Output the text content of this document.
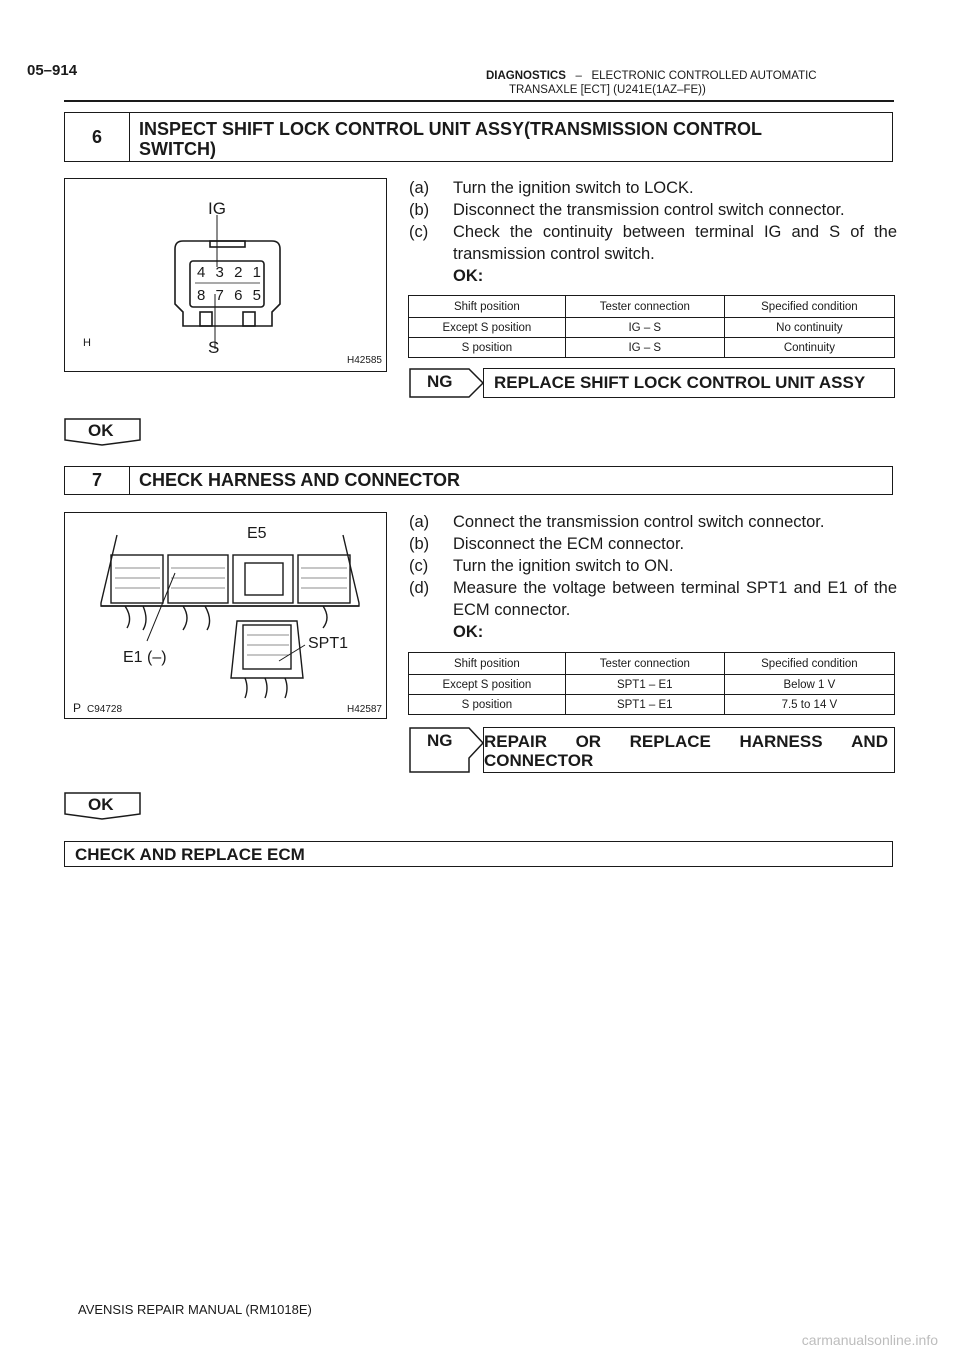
05–914	DIAGNOSTICS – ELECTRONIC CONTROLLED AUTOMATIC
TRANSAXLE [ECT] (U241E(1AZ–FE))
6	INSPECT SHIFT LOCK CONTROL UNIT ASSY(TRANSMISSION CONTROL
SWITCH)
IG
S
4 3 2 1
8 7 6 5
H
H42585
(a)	Turn the ignition switch to LOCK.
(b)	Disconnect the transmission control switch connector.
(c)	Check the continuity between terminal IG and S of the transmission control switch.
OK:
Shift position	Tester connection	Specified condition
Except S position	IG – S	No continuity
S position	IG – S	Continuity
NG	REPLACE SHIFT LOCK CONTROL UNIT ASSY
OK
7	CHECK HARNESS AND CONNECTOR
E5
E1 (–)
SPT1
P C94728	H42587
(a)	Connect the transmission control switch connector.
(b)	Disconnect the ECM connector.
(c)	Turn the ignition switch to ON.
(d)	Measure the voltage between terminal SPT1 and E1 of the ECM connector.
OK:
Shift position	Tester connection	Specified condition
Except S position	SPT1 – E1	Below 1 V
S position	SPT1 – E1	7.5 to 14 V
NG REPAIR OR REPLACE HARNESS AND
CONNECTOR
OK
CHECK AND REPLACE ECM
AVENSIS REPAIR MANUAL (RM1018E)
carmanualsonline.info
